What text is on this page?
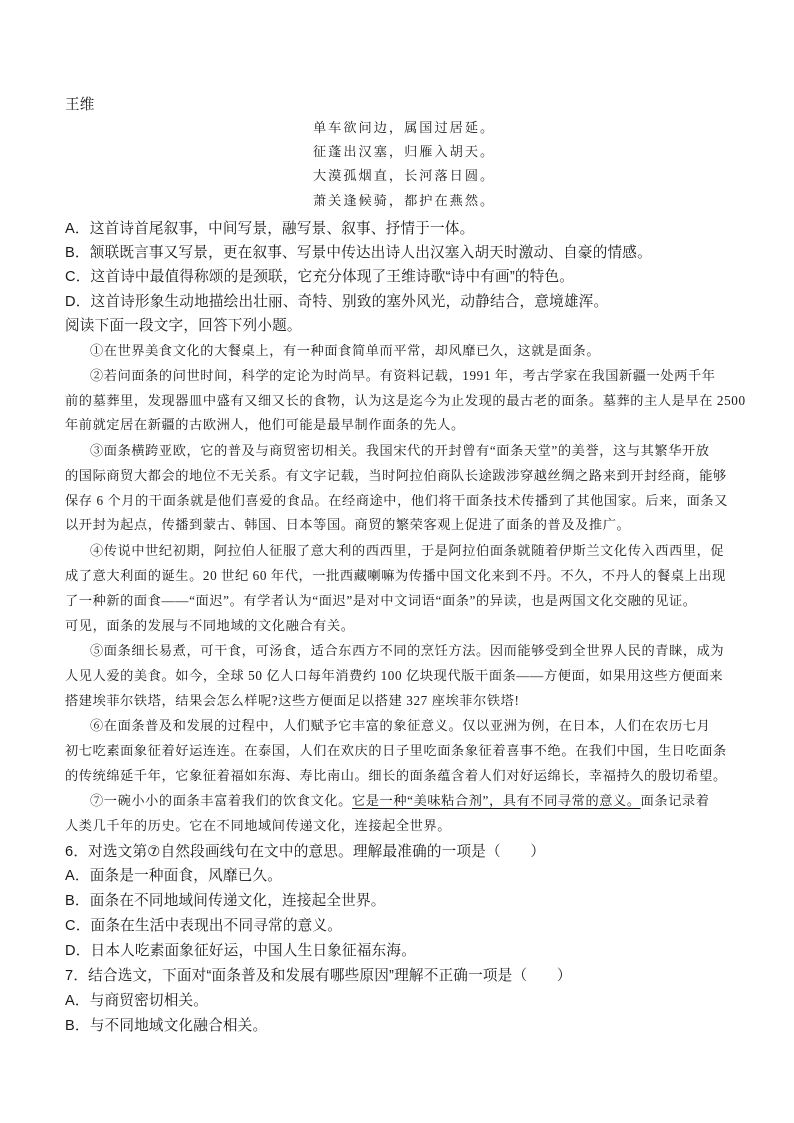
王维
单车欲问边，属国过居延。
征蓬出汉塞，归雁入胡天。
大漠孤烟直，长河落日圆。
萧关逢候骑，都护在燕然。
A．这首诗首尾叙事，中间写景，融写景、叙事、抒情于一体。
B．颔联既言事又写景，更在叙事、写景中传达出诗人出汉塞入胡天时激动、自豪的情感。
C．这首诗中最值得称颂的是颈联，它充分体现了王维诗歌“诗中有画”的特色。
D．这首诗形象生动地描绘出壮丽、奇特、别致的塞外风光，动静结合，意境雄浑。
阅读下面一段文字，回答下列小题。
①在世界美食文化的大餐桌上，有一种面食简单而平常，却风靡已久，这就是面条。
②若问面条的问世时间，科学的定论为时尚早。有资料记载，1991 年，考古学家在我国新疆一处两千年
前的墓葬里，发现器皿中盛有又细又长的食物，认为这是迄今为止发现的最古老的面条。墓葬的主人是早在 2500
年前就定居在新疆的古欧洲人，他们可能是最早制作面条的先人。
③面条横跨亚欧，它的普及与商贸密切相关。我国宋代的开封曾有“面条天堂”的美誉，这与其繁华开放
的国际商贸大都会的地位不无关系。有文字记载，当时阿拉伯商队长途跋涉穿越丝绸之路来到开封经商，能够
保存 6 个月的干面条就是他们喜爱的食品。在经商途中，他们将干面条技术传播到了其他国家。后来，面条又
以开封为起点，传播到蒙古、韩国、日本等国。商贸的繁荣客观上促进了面条的普及及推广。
④传说中世纪初期，阿拉伯人征服了意大利的西西里，于是阿拉伯面条就随着伊斯兰文化传入西西里，促
成了意大利面的诞生。20 世纪 60 年代，一批西藏喇嘛为传播中国文化来到不丹。不久，不丹人的餐桌上出现
了一种新的面食——“面迟”。有学者认为“面迟”是对中文词语“面条”的异读，也是两国文化交融的见证。
可见，面条的发展与不同地域的文化融合有关。
⑤面条细长易煮，可干食，可汤食，适合东西方不同的烹饪方法。因而能够受到全世界人民的青睐，成为
人见人爱的美食。如今，全球 50 亿人口每年消费约 100 亿块现代版干面条——方便面，如果用这些方便面来
搭建埃菲尔铁塔，结果会怎么样呢?这些方便面足以搭建 327 座埃菲尔铁塔!
⑥在面条普及和发展的过程中，人们赋予它丰富的象征意义。仅以亚洲为例，在日本，人们在农历七月
初七吃素面象征着好运连连。在泰国，人们在欢庆的日子里吃面条象征着喜事不绝。在我们中国，生日吃面条
的传统绵延千年，它象征着福如东海、寿比南山。细长的面条蕴含着人们对好运绵长，幸福持久的殷切希望。
⑦一碗小小的面条丰富着我们的饮食文化。它是一种“美味粘合剂”，具有不同寻常的意义。面条记录着
人类几千年的历史。它在不同地域间传递文化，连接起全世界。
6．对选文第⑦自然段画线句在文中的意思。理解最准确的一项是（　　）
A．面条是一种面食，风靡已久。
B．面条在不同地域间传递文化，连接起全世界。
C．面条在生活中表现出不同寻常的意义。
D．日本人吃素面象征好运，中国人生日象征福东海。
7．结合选文，下面对“面条普及和发展有哪些原因”理解不正确一项是（　　）
A．与商贸密切相关。
B．与不同地域文化融合相关。
